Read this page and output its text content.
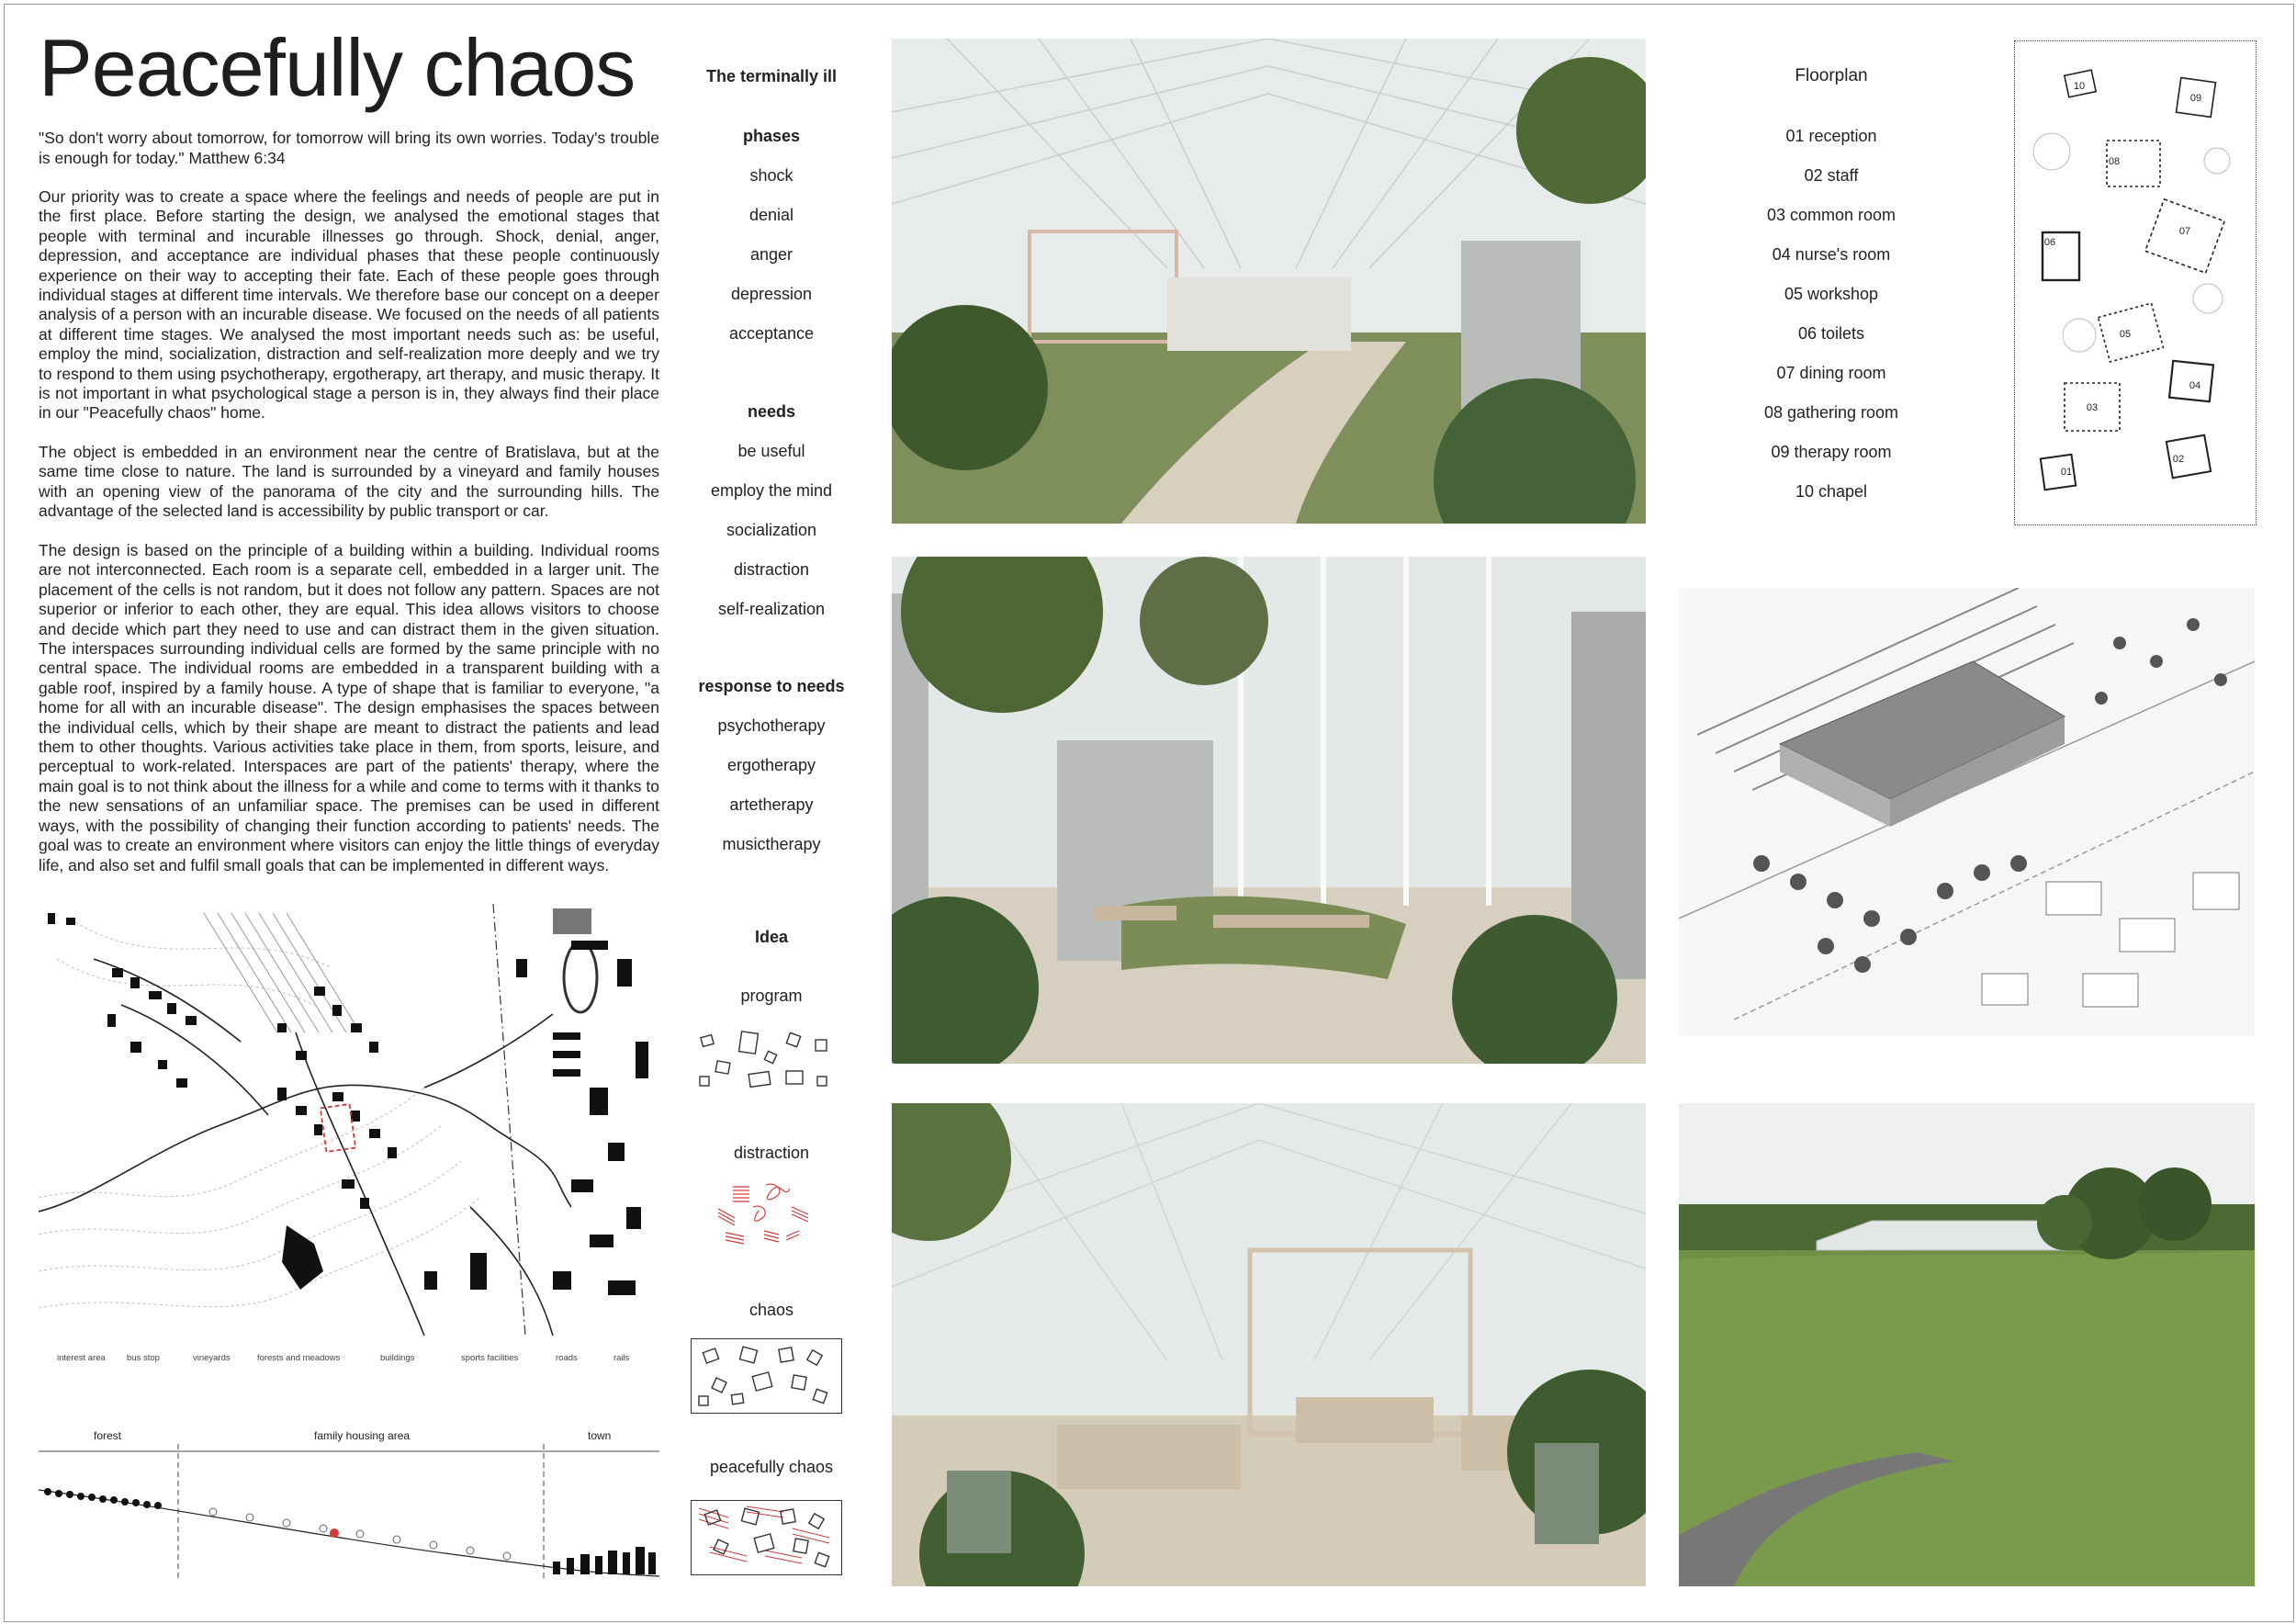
Peacefully chaos
"So don't worry about tomorrow, for tomorrow will bring its own worries. Today's trouble is enough for today." Matthew 6:34
Our priority was to create a space where the feelings and needs of people are put in the first place. Before starting the design, we analysed the emotional stages that people with terminal and incurable illnesses go through. Shock, denial, anger, depression, and acceptance are individual phases that these people continuously experience on their way to accepting their fate. Each of these people goes through individual stages at different time intervals. We therefore base our concept on a deeper analysis of a person with an incurable disease. We focused on the needs of all patients at different time stages. We analysed the most important needs such as: be useful, employ the mind, socialization, distraction and self-realization more deeply and we try to respond to them using psychotherapy, ergotherapy, art therapy, and music therapy. It is not important in what psychological stage a person is in, they always find their place in our "Peacefully chaos" home.
The object is embedded in an environment near the centre of Bratislava, but at the same time close to nature. The land is surrounded by a vineyard and family houses with an opening view of the panorama of the city and the surrounding hills. The advantage of the selected land is accessibility by public transport or car.
The design is based on the principle of a building within a building. Individual rooms are not interconnected. Each room is a separate cell, embedded in a larger unit. The placement of the cells is not random, but it does not follow any pattern. Spaces are not superior or inferior to each other, they are equal. This idea allows visitors to choose and decide which part they need to use and can distract them in the given situation. The interspaces surrounding individual cells are formed by the same principle with no central space. The individual rooms are embedded in a transparent building with a gable roof, inspired by a family house. A type of shape that is familiar to everyone, "a home for all with an incurable disease". The design emphasises the spaces between the individual cells, which by their shape are meant to distract the patients and lead them to other thoughts. Various activities take place in them, from sports, leisure, and perceptual to work-related. Interspaces are part of the patients' therapy, where the main goal is to not think about the illness for a while and come to terms with it thanks to the new sensations of an unfamiliar space. The premises can be used in different ways, with the possibility of changing their function according to patients' needs. The goal was to create an environment where visitors can enjoy the little things of everyday life, and also set and fulfil small goals that can be implemented in different ways.
interest area bus stop	vineyards	forests and meadows	buildings	sports facilities	roads	rails
forest	family housing area	town
The terminally ill
phases
shock
denial
anger
depression
acceptance
needs
be useful
employ the mind
socialization
distraction
self-realization
response to needs
psychotherapy
ergotherapy
artetherapy
musictherapy
Idea
program
distraction
chaos
peacefully chaos
Floorplan
01 reception
02 staff
03 common room
04 nurse's room
05 workshop
06 toilets
07 dining room
08 gathering room
09 therapy room
10 chapel
10
09
08
07
06
05
04
03
02
01
